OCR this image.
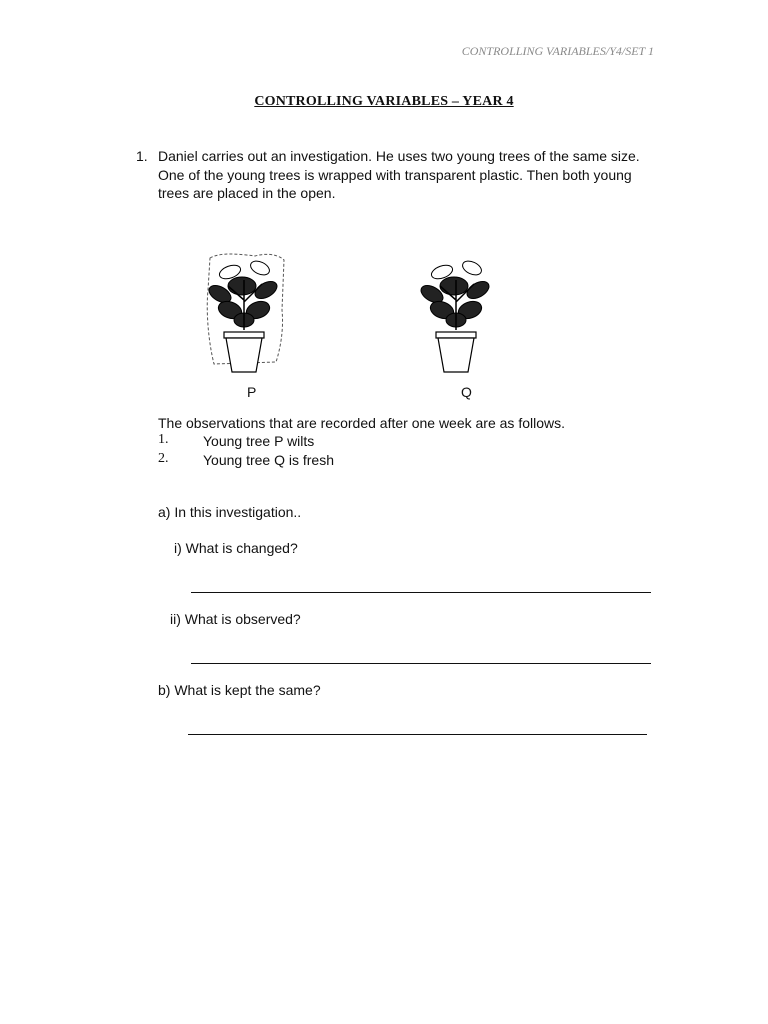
CONTROLLING VARIABLES/Y4/SET 1
CONTROLLING VARIABLES – YEAR 4
1. Daniel carries out an investigation. He uses two young trees of the same size. One of the young trees is wrapped with transparent plastic. Then both young trees are placed in the open.
P	Q
The observations that are recorded after one week are as follows.
1. Young tree P wilts
2. Young tree Q is fresh
a) In this investigation..
i) What is changed?
ii) What is observed?
b) What is kept the same?
